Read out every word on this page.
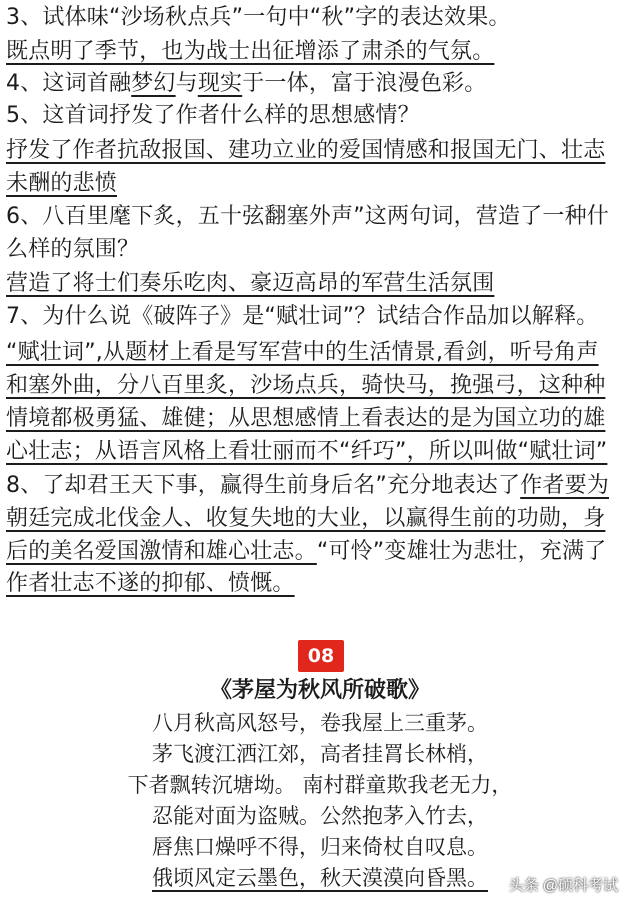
3、试体味“沙场秋点兵”一句中“秋”字的表达效果。
既点明了季节，也为战士出征增添了肃杀的气氛。
4、这词首融梦幻与现实于一体，富于浪漫色彩。
5、这首词抒发了作者什么样的思想感情？
抒发了作者抗敌报国、建功立业的爱国情感和报国无门、壮志
未酬的悲愤
6、八百里麾下炙，五十弦翻塞外声”这两句词，营造了一种什
么样的氛围？
营造了将士们奏乐吃肉、豪迈高昂的军营生活氛围
7、为什么说《破阵子》是“赋壮词”？试结合作品加以解释。
“赋壮词”,从题材上看是写军营中的生活情景,看剑，听号角声
和塞外曲，分八百里炙，沙场点兵，骑快马，挽强弓，这种种
情境都极勇猛、雄健；从思想感情上看表达的是为国立功的雄
心壮志；从语言风格上看壮丽而不“纤巧”，所以叫做“赋壮词”
8、了却君王天下事，赢得生前身后名”充分地表达了作者要为
朝廷完成北伐金人、收复失地的大业，以赢得生前的功勋，身
后的美名爱国激情和雄心壮志。“可怜”变雄壮为悲壮，充满了
作者壮志不遂的抑郁、愤慨。
08
《茅屋为秋风所破歌》
八月秋高风怒号，卷我屋上三重茅。
茅飞渡江洒江郊，高者挂罥长林梢，
下者飘转沉塘坳。 南村群童欺我老无力，
忍能对面为盗贼。公然抱茅入竹去，
唇焦口燥呼不得，归来倚杖自叹息。
俄顷风定云墨色，秋天漠漠向昏黑。	头条 @硕科考试
